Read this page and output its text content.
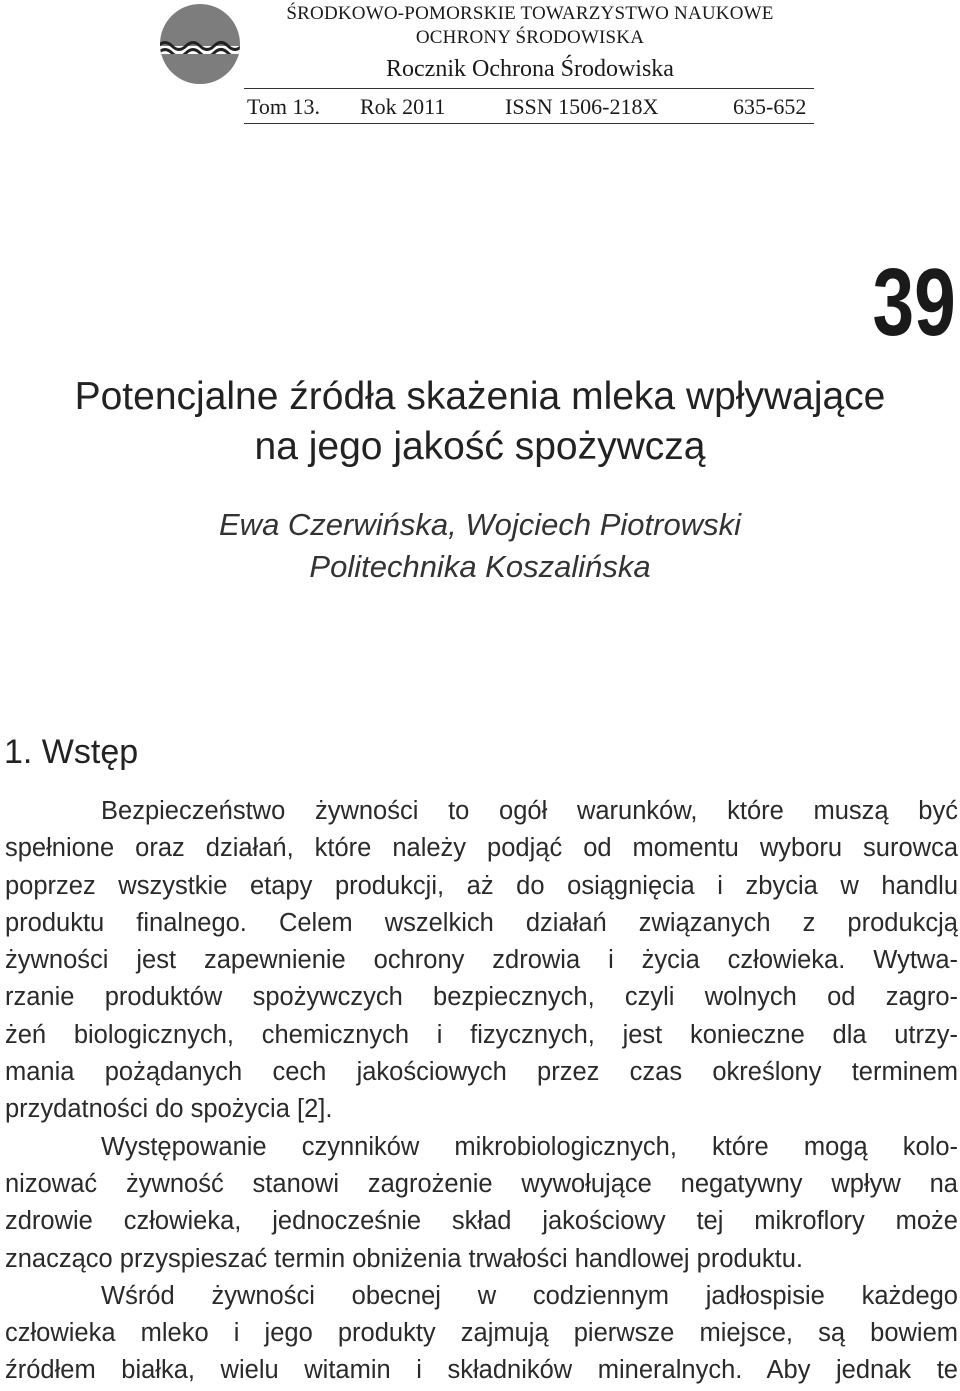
ŚRODKOWO-POMORSKIE TOWARZYSTWO NAUKOWE
OCHRONY ŚRODOWISKA
Rocznik Ochrona Środowiska
Tom 13. Rok 2011	ISSN 1506-218X	635-652
39
Potencjalne źródła skażenia mleka wpływające
na jego jakość spożywczą
Ewa Czerwińska, Wojciech Piotrowski
Politechnika Koszalińska
1. Wstęp
Bezpieczeństwo żywności to ogół warunków, które muszą być
spełnione oraz działań, które należy podjąć od momentu wyboru surowca
poprzez wszystkie etapy produkcji, aż do osiągnięcia i zbycia w handlu
produktu finalnego. Celem wszelkich działań związanych z produkcją
żywności jest zapewnienie ochrony zdrowia i życia człowieka. Wytwa-
rzanie produktów spożywczych bezpiecznych, czyli wolnych od zagro-
żeń biologicznych, chemicznych i fizycznych, jest konieczne dla utrzy-
mania pożądanych cech jakościowych przez czas określony terminem
przydatności do spożycia [2].
Występowanie czynników mikrobiologicznych, które mogą kolo-
nizować żywność stanowi zagrożenie wywołujące negatywny wpływ na
zdrowie człowieka, jednocześnie skład jakościowy tej mikroflory może
znacząco przyspieszać termin obniżenia trwałości handlowej produktu.
Wśród żywności obecnej w codziennym jadłospisie każdego
człowieka mleko i jego produkty zajmują pierwsze miejsce, są bowiem
źródłem białka, wielu witamin i składników mineralnych. Aby jednak te
